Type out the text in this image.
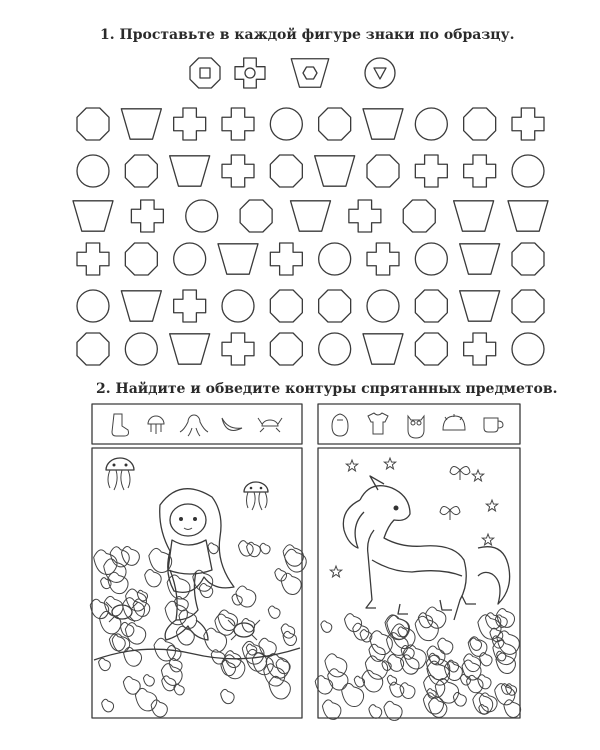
1. Проставьте в каждой фигуре знаки по образцу.
2. Найдите и обведите контуры спрятанных предметов.
